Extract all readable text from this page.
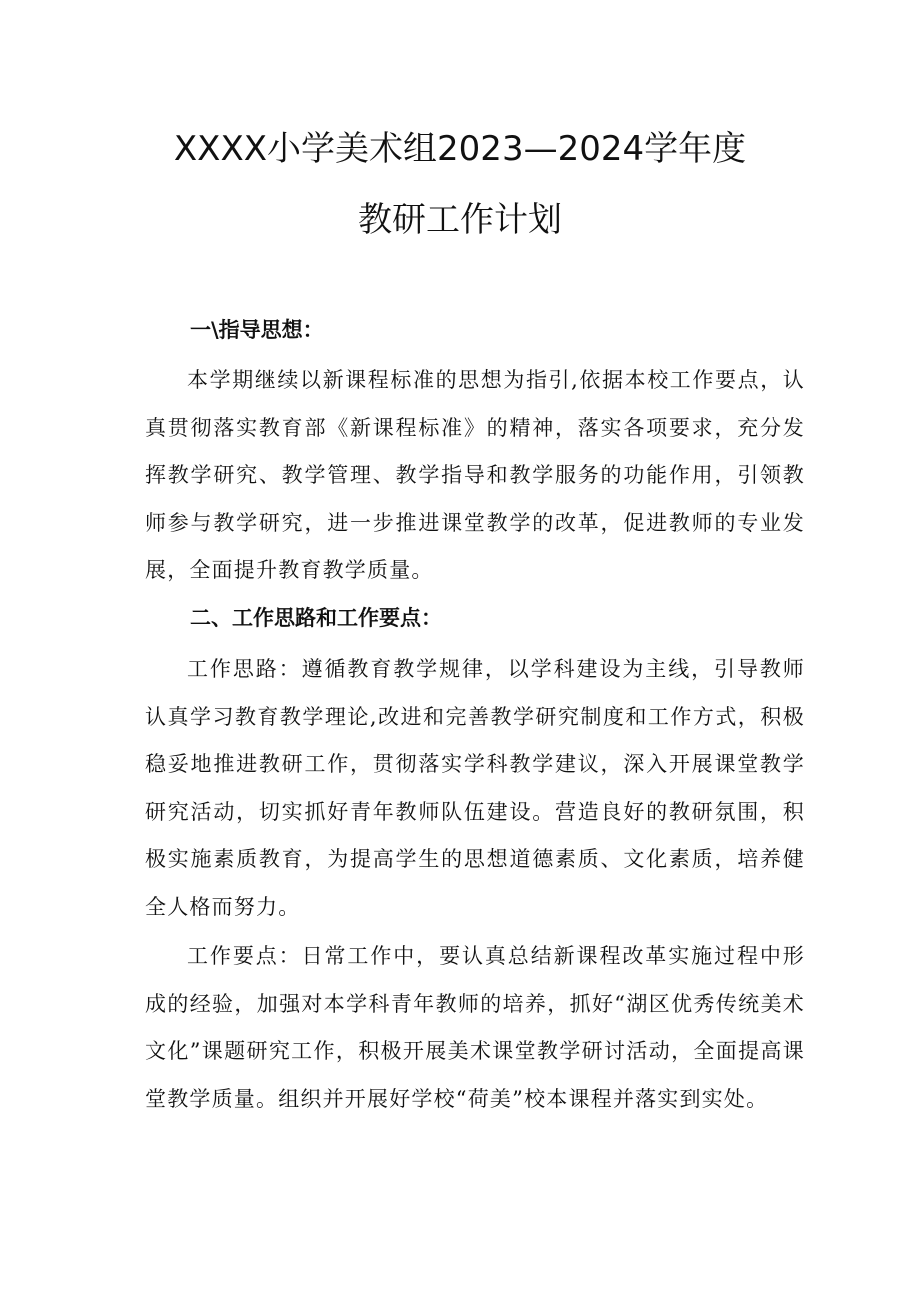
XXXX小学美术组2023—2024学年度
教研工作计划
一\指导思想：

本学期继续以新课程标准的思想为指引,依据本校工作要点，认真贯彻落实教育部《新课程标准》的精神，落实各项要求，充分发挥教学研究、教学管理、教学指导和教学服务的功能作用，引领教师参与教学研究，进一步推进课堂教学的改革，促进教师的专业发展，全面提升教育教学质量。

二、工作思路和工作要点：

工作思路：遵循教育教学规律，以学科建设为主线，引导教师认真学习教育教学理论,改进和完善教学研究制度和工作方式，积极稳妥地推进教研工作，贯彻落实学科教学建议，深入开展课堂教学研究活动，切实抓好青年教师队伍建设。营造良好的教研氛围，积极实施素质教育，为提高学生的思想道德素质、文化素质，培养健全人格而努力。

工作要点：日常工作中，要认真总结新课程改革实施过程中形成的经验，加强对本学科青年教师的培养，抓好“湖区优秀传统美术文化”课题研究工作，积极开展美术课堂教学研讨活动，全面提高课堂教学质量。组织并开展好学校“荷美”校本课程并落实到实处。
